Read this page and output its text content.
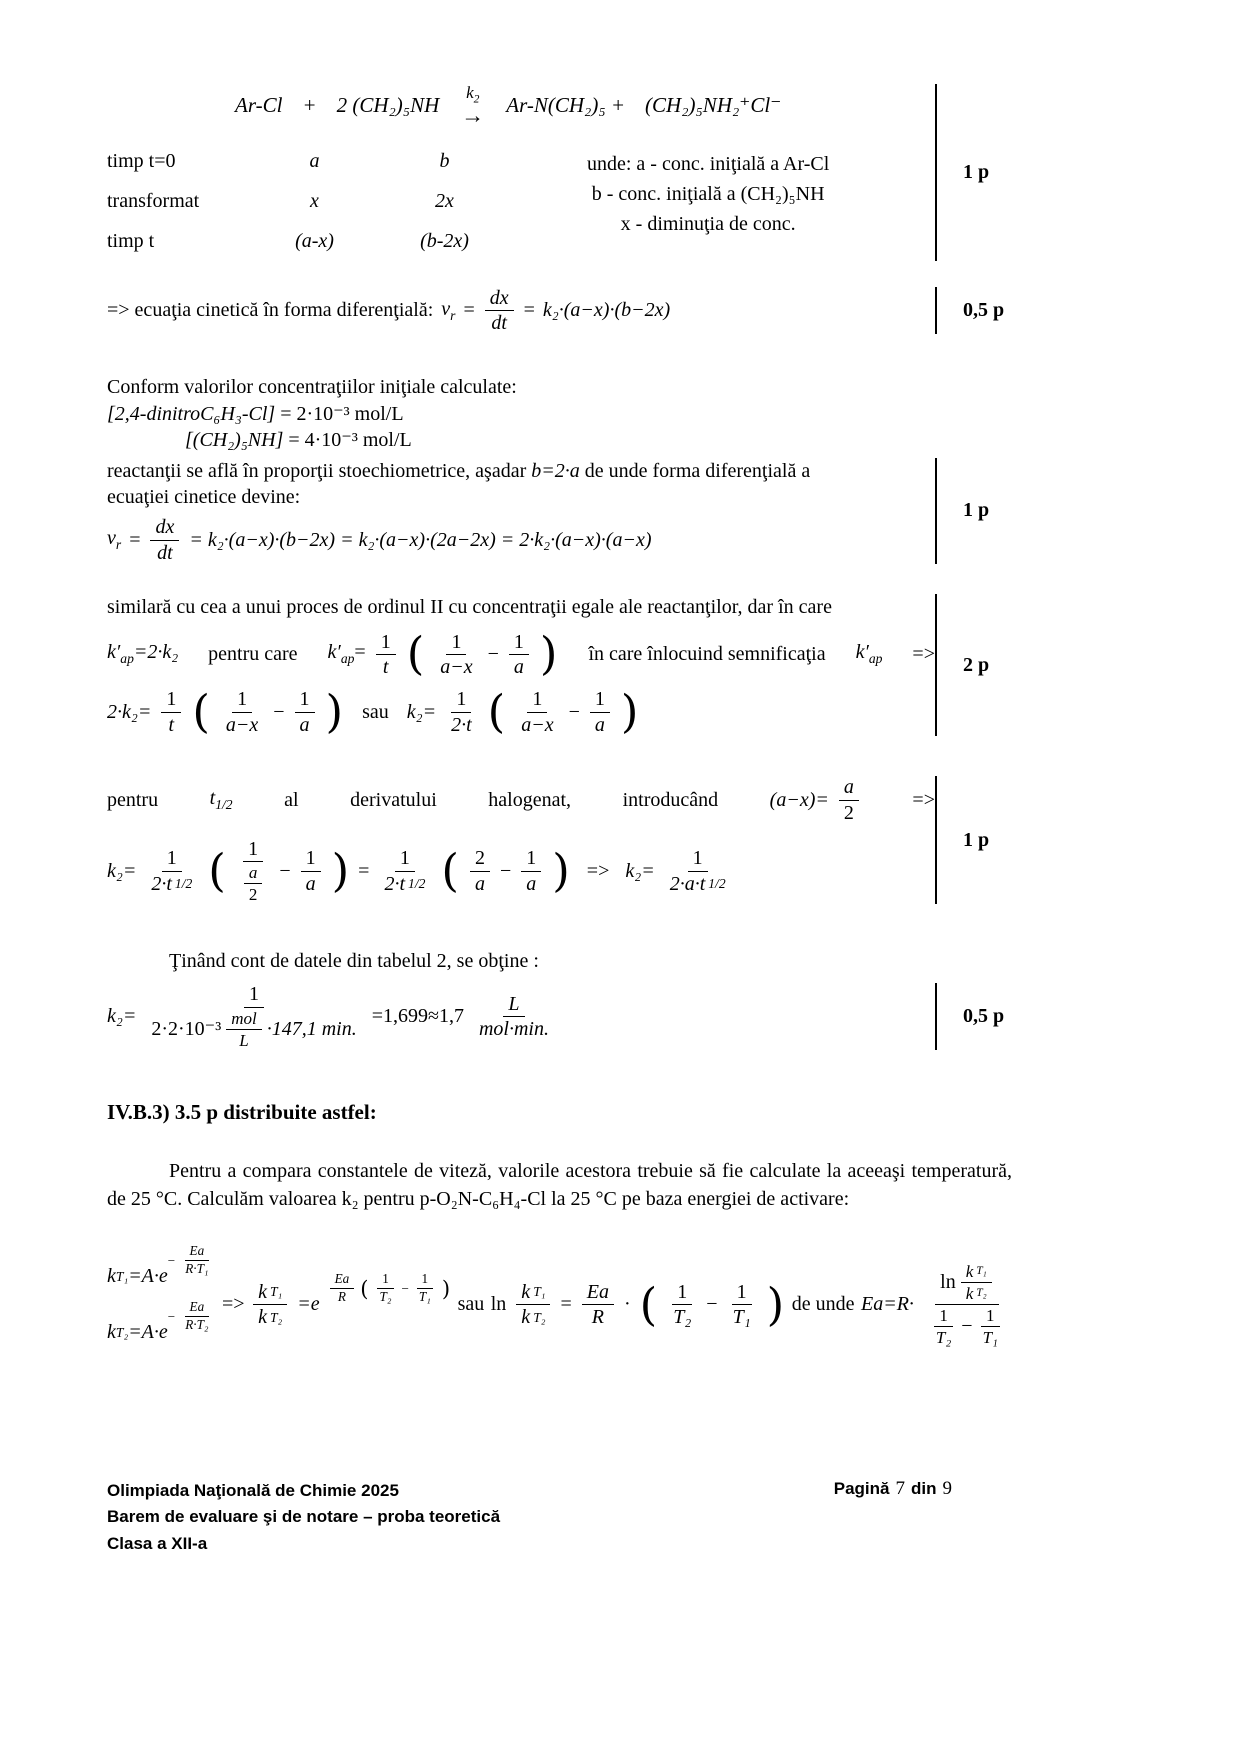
Ar-Cl + 2 (CH₂)₅NH
$k_2$
→ Ar-N(CH₂)₅ + (CH₂)₅NH₂⁺Cl⁻
timp t=0	a	b
transformat	x	2x
timp t	(a-x)	(b-2x)
unde: a - conc. iniţială a Ar-Cl
b - conc. iniţială a (CH₂)₅NH
x - diminuţia de conc.
1 p
=> ecuaţia cinetică în forma diferenţială: $v_r = \frac{dx}{dt} = k_2\cdot(a-x)\cdot(b-2x)$	0,5 p

Conform valorilor concentraţiilor iniţiale calculate:

[2,4-dinitroC₆H₃-Cl] = 2·10⁻³ mol/L

[(CH₂)₅NH] = 4·10⁻³ mol/L

reactanţii se află în proporţii stoechiometrice, aşadar b=2·a de unde forma diferenţială a

ecuaţiei cinetice devine:

$v_r = \frac{dx}{dt} = k_2\cdot(a-x)\cdot(b-2x) = k_2\cdot(a-x)\cdot(2a-2x) = 2\cdot k_2\cdot(a-x)\cdot(a-x)$
1 p

similară cu cea a unui proces de ordinul II cu concentraţii egale ale reactanţilor, dar în care

$k'_{ap}=2\cdot k_2$ pentru care $k'_{ap}= \frac{1}{t}$ ( $\frac{1}{a-x} - \frac{1}{a}$ ) în care înlocuind semnificaţia $k'_{ap}$ =>
$2\cdot k_2= \frac{1}{t}$ ( $\frac{1}{a-x} - \frac{1}{a}$ ) sau $k_2= \frac{1}{2\cdot t}$ ( $\frac{1}{a-x} - \frac{1}{a}$ )
2 p
pentru	$t_{1/2}$	al	derivatului	halogenat,	introducând	$(a-x)= \frac{a}{2}$	=>
$k_2= \frac{1}{2\cdot t 1/2}$ ( $\frac{1}{\frac{a}{2}} - \frac{1}{a}$ ) = $\frac{1}{2\cdot t 1/2}$ ( $\frac{2}{a} - \frac{1}{a}$ ) => $k_2= \frac{1}{2\cdot a\cdot t 1/2}$
1 p
Ţinând cont de datele din tabelul 2, se obţine :
$k_2= \frac{1}{2\cdot 2\cdot 10^{-3} \frac{\text{mol}}{L} \cdot 147,1 \min.} =1,699\approx 1,7 \frac{L}{\text{mol·min.}}$	0,5 p
IV.B.3) 3.5 p distribuite astfel:

Pentru a compara constantele de viteză, valorile acestora trebuie să fie calculate la aceeaşi temperatură, de 25 °C. Calculăm valoarea k₂ pentru p-O₂N-C₆H₄-Cl la 25 °C pe baza energiei de activare:

k T₁ =A·e
− $\frac{Ea}{\text{R·T₁}}$
k T₂ =A·e
− $\frac{Ea}{\text{R·T₂}} => \frac{\text{k T₁}}{\text{k T₂}} =e \frac{Ea}{R}$ ( $\frac{1}{\text{T₂}} - \frac{1}{\text{T₁}}$ )
sau $\ln \frac{\text{k T₁}}{\text{k T₂}} = \frac{Ea}{R}$ · ( $\frac{1}{\text{T₂}} - \frac{1}{\text{T₁}}$ ) de unde $Ea=R\cdot \frac{\ln \frac{\text{k T₁}}{\text{k T₂}}}{\frac{1}{\text{T₂}} - \frac{1}{\text{T₁}}}$
Olimpiada Naţională de Chimie 2025
Barem de evaluare şi de notare – proba teoretică
Clasa a XII-a
Pagină 7 din 9
